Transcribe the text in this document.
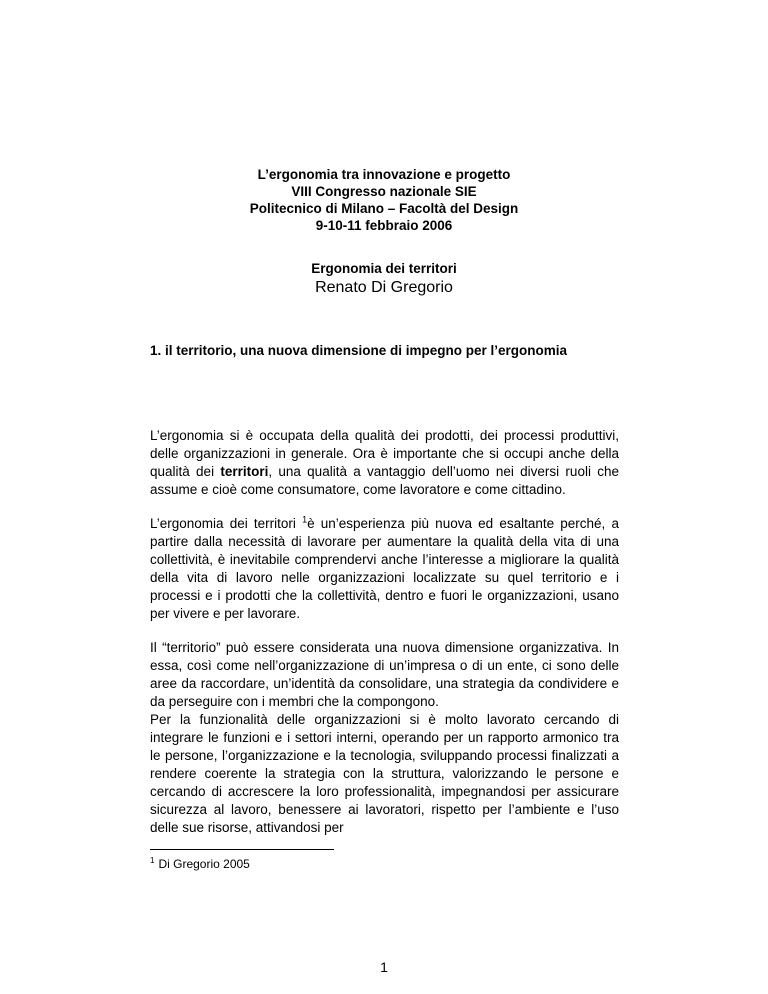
L’ergonomia tra innovazione e progetto
VIII Congresso nazionale SIE
Politecnico di Milano – Facoltà del Design
9-10-11 febbraio 2006
Ergonomia dei territori
Renato Di Gregorio
1. il territorio, una nuova dimensione di impegno per l’ergonomia

L’ergonomia si è occupata della qualità dei prodotti, dei processi produttivi, delle organizzazioni in generale. Ora è importante che si occupi anche della qualità dei territori, una qualità a vantaggio dell’uomo nei diversi ruoli che assume e cioè come consumatore, come lavoratore e come cittadino.

L’ergonomia dei territori $^1$è un’esperienza più nuova ed esaltante perché, a partire dalla necessità di lavorare per aumentare la qualità della vita di una collettività, è inevitabile comprendervi anche l’interesse a migliorare la qualità della vita di lavoro nelle organizzazioni localizzate su quel territorio e i processi e i prodotti che la collettività, dentro e fuori le organizzazioni, usano per vivere e per lavorare.

Il “territorio” può essere considerata una nuova dimensione organizzativa. In essa, così come nell’organizzazione di un’impresa o di un ente, ci sono delle aree da raccordare, un’identità da consolidare, una strategia da condividere e da perseguire con i membri che la compongono.

Per la funzionalità delle organizzazioni si è molto lavorato cercando di integrare le funzioni e i settori interni, operando per un rapporto armonico tra le persone, l’organizzazione e la tecnologia, sviluppando processi finalizzati a rendere coerente la strategia con la struttura, valorizzando le persone e cercando di accrescere la loro professionalità, impegnandosi per assicurare sicurezza al lavoro, benessere ai lavoratori, rispetto per l’ambiente e l’uso delle sue risorse, attivandosi per

$^1$ Di Gregorio 2005
1
